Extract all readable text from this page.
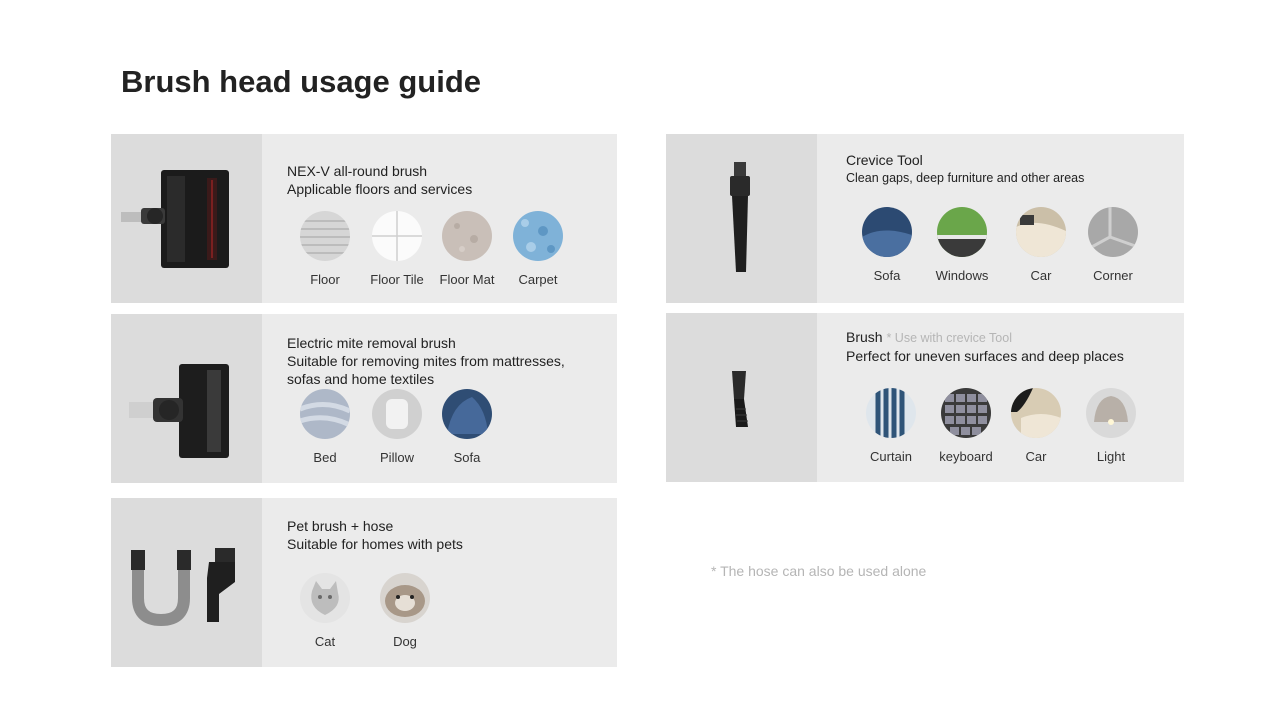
Brush head usage guide
NEX-V all-round brush
Applicable floors and services
Floor	Floor Tile	Floor Mat	Carpet
Electric mite removal brush
Suitable for removing mites from mattresses,
sofas and home textiles
Bed	Pillow	Sofa
Pet brush + hose
Suitable for homes with pets
Cat	Dog
Crevice Tool
Clean gaps, deep furniture and other areas
Sofa	Windows	Car	Corner
Brush * Use with crevice Tool
Perfect for uneven surfaces and deep places
Curtain	keyboard	Car	Light
* The hose can also be used alone
